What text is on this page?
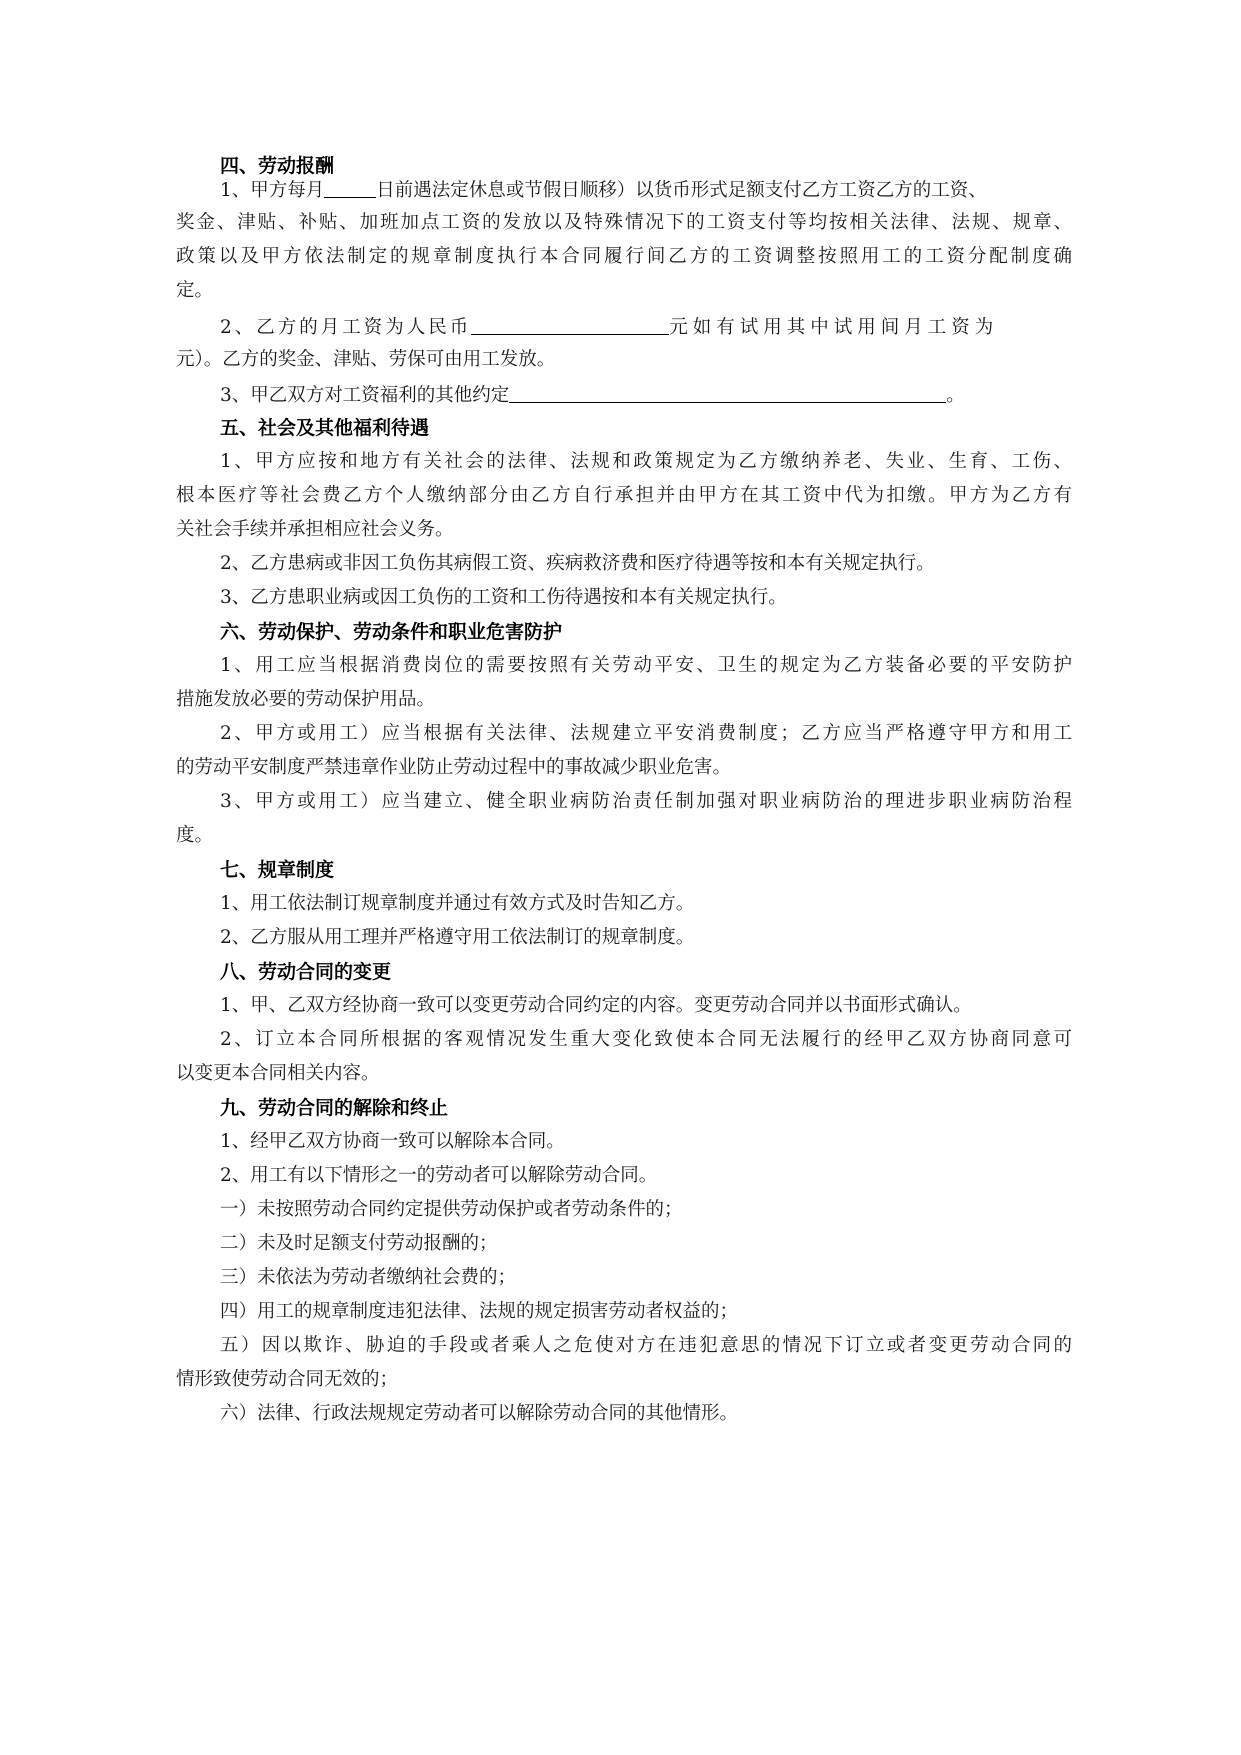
四、劳动报酬
1、甲方每月	日前遇法定休息或节假日顺移）以货币形式足额支付乙方工资乙方的工资、
奖金、津贴、补贴、加班加点工资的发放以及特殊情况下的工资支付等均按相关法律、法规、规章、
政策以及甲方依法制定的规章制度执行本合同履行间乙方的工资调整按照用工的工资分配制度确
定。
2、乙方的月工资为人民币	元如有试用其中试用间月工资为
元）。乙方的奖金、津贴、劳保可由用工发放。
3、甲乙双方对工资福利的其他约定	。
五、社会及其他福利待遇
1、甲方应按和地方有关社会的法律、法规和政策规定为乙方缴纳养老、失业、生育、工伤、
根本医疗等社会费乙方个人缴纳部分由乙方自行承担并由甲方在其工资中代为扣缴。甲方为乙方有
关社会手续并承担相应社会义务。
2、乙方患病或非因工负伤其病假工资、疾病救济费和医疗待遇等按和本有关规定执行。
3、乙方患职业病或因工负伤的工资和工伤待遇按和本有关规定执行。
六、劳动保护、劳动条件和职业危害防护
1、用工应当根据消费岗位的需要按照有关劳动平安、卫生的规定为乙方装备必要的平安防护
措施发放必要的劳动保护用品。
2、甲方或用工）应当根据有关法律、法规建立平安消费制度；乙方应当严格遵守甲方和用工
的劳动平安制度严禁违章作业防止劳动过程中的事故减少职业危害。
3、甲方或用工）应当建立、健全职业病防治责任制加强对职业病防治的理进步职业病防治程
度。
七、规章制度
1、用工依法制订规章制度并通过有效方式及时告知乙方。
2、乙方服从用工理并严格遵守用工依法制订的规章制度。
八、劳动合同的变更
1、甲、乙双方经协商一致可以变更劳动合同约定的内容。变更劳动合同并以书面形式确认。
2、订立本合同所根据的客观情况发生重大变化致使本合同无法履行的经甲乙双方协商同意可
以变更本合同相关内容。
九、劳动合同的解除和终止
1、经甲乙双方协商一致可以解除本合同。
2、用工有以下情形之一的劳动者可以解除劳动合同。
一）未按照劳动合同约定提供劳动保护或者劳动条件的；
二）未及时足额支付劳动报酬的；
三）未依法为劳动者缴纳社会费的；
四）用工的规章制度违犯法律、法规的规定损害劳动者权益的；
五）因以欺诈、胁迫的手段或者乘人之危使对方在违犯意思的情况下订立或者变更劳动合同的
情形致使劳动合同无效的；
六）法律、行政法规规定劳动者可以解除劳动合同的其他情形。
